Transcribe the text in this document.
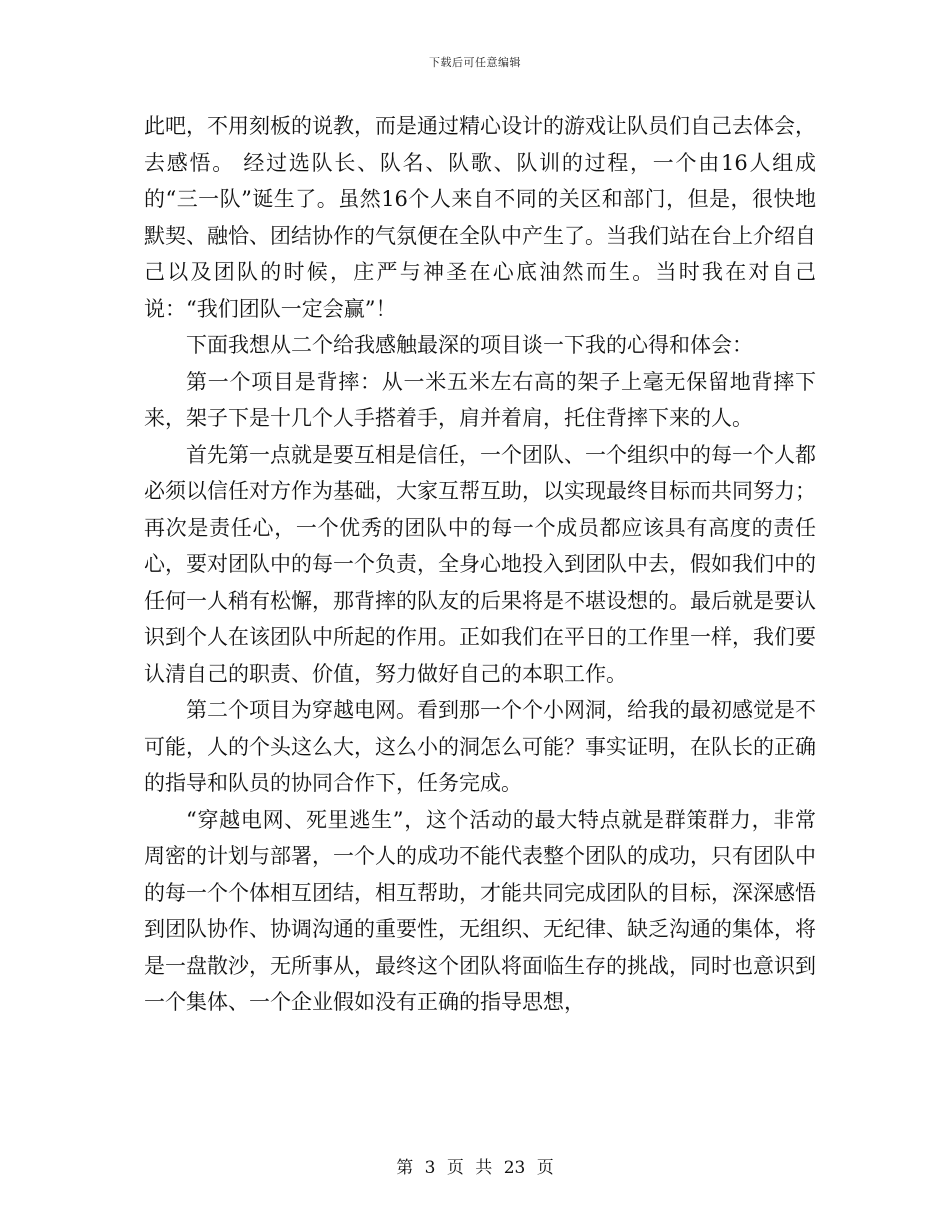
下载后可任意编辑

此吧，不用刻板的说教，而是通过精心设计的游戏让队员们自己去体会，去感悟。 经过选队长、队名、队歌、队训的过程，一个由16人组成的“三一队”诞生了。虽然16个人来自不同的关区和部门，但是，很快地默契、融恰、团结协作的气氛便在全队中产生了。当我们站在台上介绍自己以及团队的时候，庄严与神圣在心底油然而生。当时我在对自己说：“我们团队一定会赢”！

下面我想从二个给我感触最深的项目谈一下我的心得和体会：

第一个项目是背摔：从一米五米左右高的架子上毫无保留地背摔下来，架子下是十几个人手搭着手，肩并着肩，托住背摔下来的人。

首先第一点就是要互相是信任，一个团队、一个组织中的每一个人都必须以信任对方作为基础，大家互帮互助，以实现最终目标而共同努力；再次是责任心，一个优秀的团队中的每一个成员都应该具有高度的责任心，要对团队中的每一个负责，全身心地投入到团队中去，假如我们中的任何一人稍有松懈，那背摔的队友的后果将是不堪设想的。最后就是要认识到个人在该团队中所起的作用。正如我们在平日的工作里一样，我们要认清自己的职责、价值，努力做好自己的本职工作。

第二个项目为穿越电网。看到那一个个小网洞，给我的最初感觉是不可能，人的个头这么大，这么小的洞怎么可能？事实证明，在队长的正确的指导和队员的协同合作下，任务完成。

“穿越电网、死里逃生”，这个活动的最大特点就是群策群力，非常周密的计划与部署，一个人的成功不能代表整个团队的成功，只有团队中的每一个个体相互团结，相互帮助，才能共同完成团队的目标，深深感悟到团队协作、协调沟通的重要性，无组织、无纪律、缺乏沟通的集体，将是一盘散沙，无所事从，最终这个团队将面临生存的挑战，同时也意识到一个集体、一个企业假如没有正确的指导思想，

第 3 页 共 23 页
